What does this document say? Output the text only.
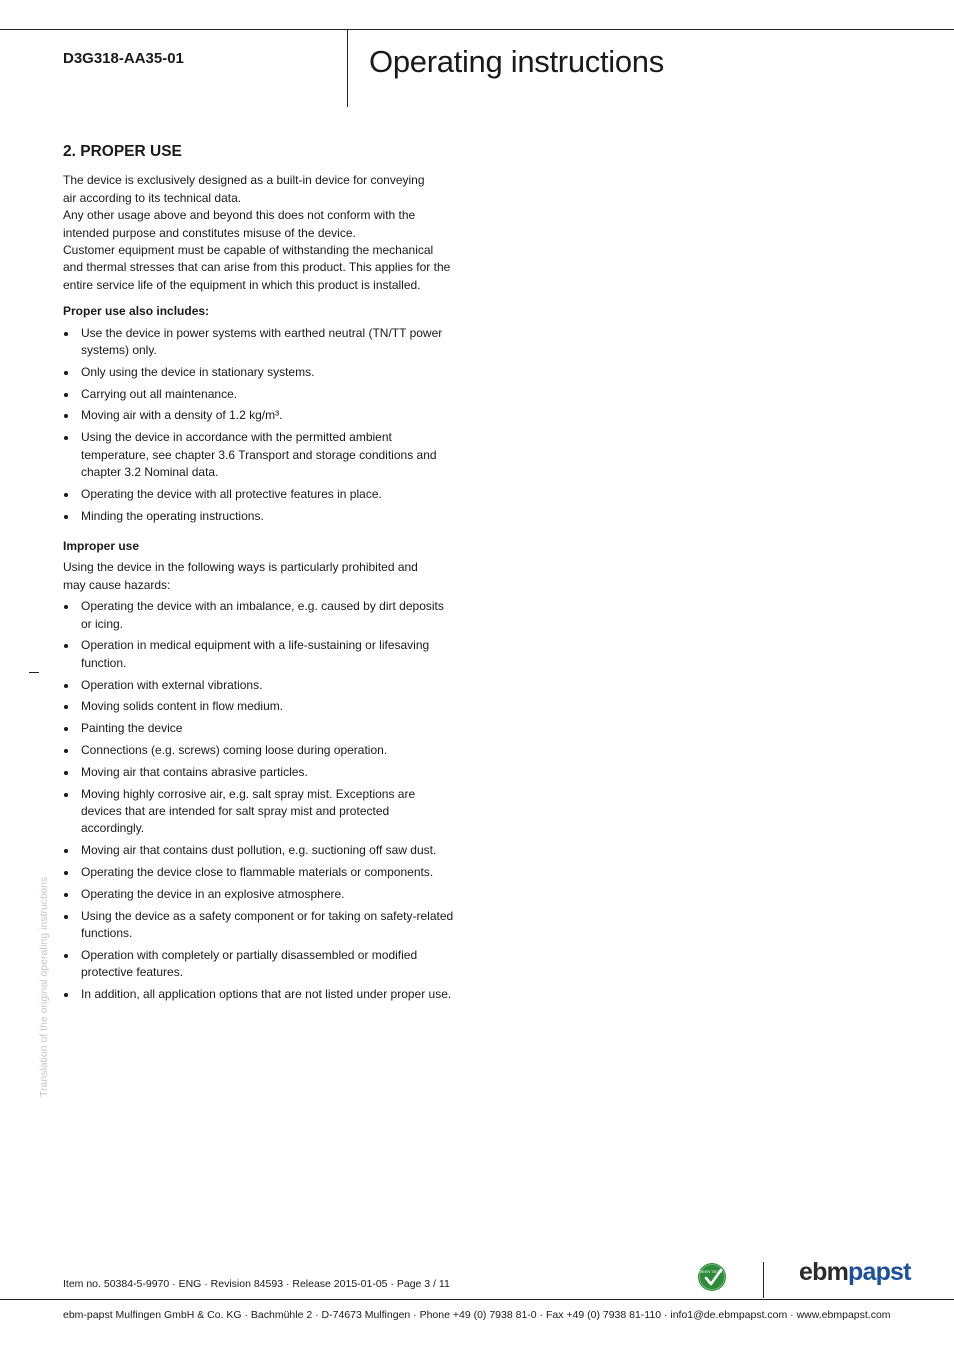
D3G318-AA35-01	Operating instructions
2. PROPER USE

The device is exclusively designed as a built-in device for conveying air according to its technical data.

Any other usage above and beyond this does not conform with the intended purpose and constitutes misuse of the device.

Customer equipment must be capable of withstanding the mechanical and thermal stresses that can arise from this product. This applies for the entire service life of the equipment in which this product is installed.

Proper use also includes:
Use the device in power systems with earthed neutral (TN/TT power systems) only.
Only using the device in stationary systems.
Carrying out all maintenance.
Moving air with a density of 1.2 kg/m³.
Using the device in accordance with the permitted ambient temperature, see chapter 3.6 Transport and storage conditions and chapter 3.2 Nominal data.
Operating the device with all protective features in place.
Minding the operating instructions.
Improper use

Using the device in the following ways is particularly prohibited and may cause hazards:

Operating the device with an imbalance, e.g. caused by dirt deposits or icing.
Operation in medical equipment with a life-sustaining or lifesaving function.
Operation with external vibrations.
Moving solids content in flow medium.
Painting the device
Connections (e.g. screws) coming loose during operation.
Moving air that contains abrasive particles.
Moving highly corrosive air, e.g. salt spray mist. Exceptions are devices that are intended for salt spray mist and protected accordingly.
Moving air that contains dust pollution, e.g. suctioning off saw dust.
Operating the device close to flammable materials or components.
Operating the device in an explosive atmosphere.
Using the device as a safety component or for taking on safety-related functions.
Operation with completely or partially disassembled or modified protective features.
In addition, all application options that are not listed under proper use.
Translation of the original operating instructions
Item no. 50384-5-9970 · ENG · Revision 84593 · Release 2015-01-05 · Page 3 / 11
GREEN TECH	ebmpapst
ebm-papst Mulfingen GmbH & Co. KG · Bachmühle 2 · D-74673 Mulfingen · Phone +49 (0) 7938 81-0 · Fax +49 (0) 7938 81-110 · info1@de.ebmpapst.com · www.ebmpapst.com
